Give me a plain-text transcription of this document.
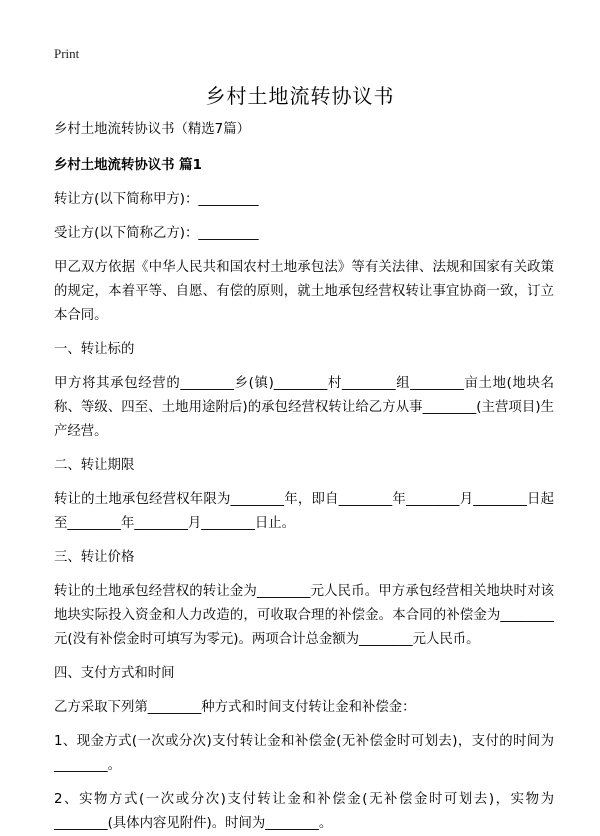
Print
乡村土地流转协议书

乡村土地流转协议书（精选7篇）

乡村土地流转协议书 篇1

转让方(以下简称甲方)：_________

受让方(以下简称乙方)：_________

甲乙双方依据《中华人民共和国农村土地承包法》等有关法律、法规和国家有关政策的规定，本着平等、自愿、有偿的原则，就土地承包经营权转让事宜协商一致，订立本合同。

一、转让标的

甲方将其承包经营的________乡(镇)________村________组________亩土地(地块名称、等级、四至、土地用途附后)的承包经营权转让给乙方从事________(主营项目)生产经营。

二、转让期限

转让的土地承包经营权年限为________年，即自________年________月________日起至________年________月________日止。

三、转让价格

转让的土地承包经营权的转让金为________元人民币。甲方承包经营相关地块时对该地块实际投入资金和人力改造的，可收取合理的补偿金。本合同的补偿金为________元(没有补偿金时可填写为零元)。两项合计总金额为________元人民币。

四、支付方式和时间

乙方采取下列第________种方式和时间支付转让金和补偿金：

1、现金方式(一次或分次)支付转让金和补偿金(无补偿金时可划去)，支付的时间为________。

2、实物方式(一次或分次)支付转让金和补偿金(无补偿金时可划去)，实物为________(具体内容见附件)。时间为________。
